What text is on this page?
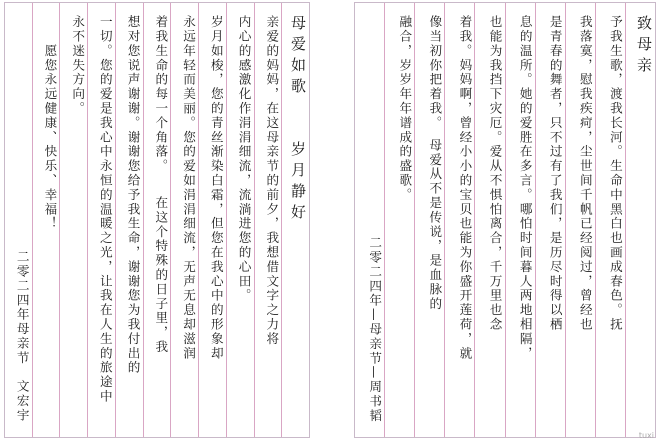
母爱如歌　　岁月静好
亲爱的妈妈，在这母亲节的前夕，我想借文字之力将
内心的感激化作涓涓细流，流淌进您的心田。
岁月如梭，您的青丝渐染白霜，但您在我心中的形象却
永远年轻而美丽。您的爱如涓涓细流，无声无息却滋润
着我生命的每一个角落。　　在这个特殊的日子里，我
想对您说声谢谢。谢谢您给予我生命，谢谢您为我付出的
一切。您的爱是我心中永恒的温暖之光，让我在人生的旅途中
永不迷失方向。
　　愿您永远健康、快乐、幸福！
二零二四年母亲节　文宏宇
致母亲
予我生歌，渡我长河。生命中黑白也画成春色。抚
我落寞，慰我疾疴，尘世间千帆已经阅过，曾经也
是青春的舞者，只不过有了我们，是历尽时得以栖
息的温所。她的爱胜在多言。哪怕时间暮人两地相隔，
也能为我挡下灾厄。爱从不惧怕离合，千万里也念
着我。妈妈啊，曾经小小的宝贝也能为你盛开莲荷，就
像当初你把着我。　母爱从不是传说，是血脉的
融合，岁岁年年谱成的盛歌。
二零二四年—母亲节—周书韬
tuxi
